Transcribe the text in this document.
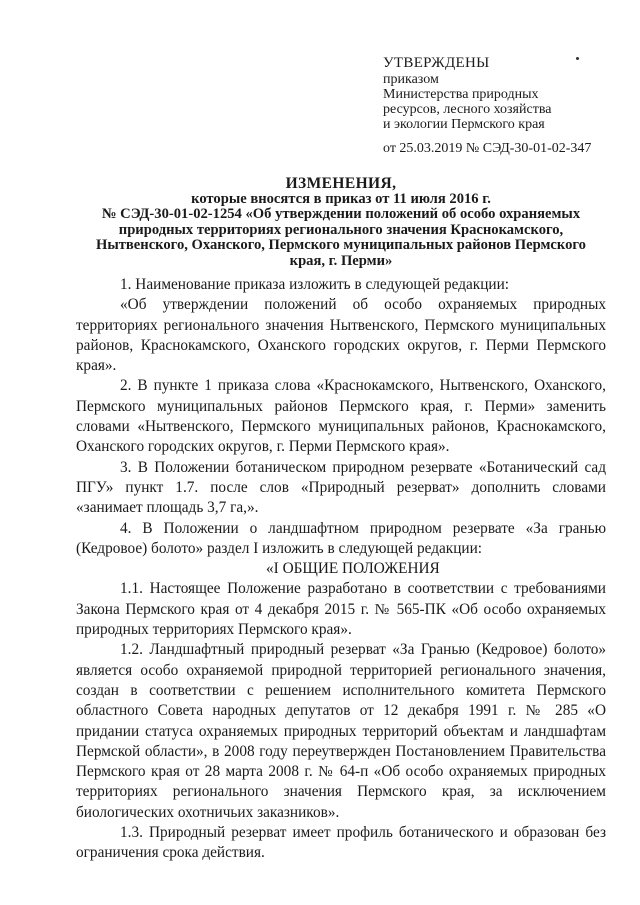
УТВЕРЖДЕНЫ
приказом
Министерства природных
ресурсов, лесного хозяйства
и экологии Пермского края
от 25.03.2019 № СЭД-30-01-02-347
ИЗМЕНЕНИЯ,
которые вносятся в приказ от 11 июля 2016 г.
№ СЭД-30-01-02-1254 «Об утверждении положений об особо охраняемых
природных территориях регионального значения Краснокамского,
Нытвенского, Оханского, Пермского муниципальных районов Пермского
края, г. Перми»

1. Наименование приказа изложить в следующей редакции:

«Об утверждении положений об особо охраняемых природных территориях регионального значения Нытвенского, Пермского муниципальных районов, Краснокамского, Оханского городских округов, г. Перми Пермского края».

2. В пункте 1 приказа слова «Краснокамского, Нытвенского, Оханского, Пермского муниципальных районов Пермского края, г. Перми» заменить словами «Нытвенского, Пермского муниципальных районов, Краснокамского, Оханского городских округов, г. Перми Пермского края».

3. В Положении ботаническом природном резервате «Ботанический сад ПГУ» пункт 1.7. после слов «Природный резерват» дополнить словами «занимает площадь 3,7 га,».

4. В Положении о ландшафтном природном резервате «За гранью (Кедровое) болото» раздел I изложить в следующей редакции:

«I ОБЩИЕ ПОЛОЖЕНИЯ

1.1. Настоящее Положение разработано в соответствии с требованиями Закона Пермского края от 4 декабря 2015 г. № 565-ПК «Об особо охраняемых природных территориях Пермского края».

1.2. Ландшафтный природный резерват «За Гранью (Кедровое) болото» является особо охраняемой природной территорией регионального значения, создан в соответствии с решением исполнительного комитета Пермского областного Совета народных депутатов от 12 декабря 1991 г. № 285 «О придании статуса охраняемых природных территорий объектам и ландшафтам Пермской области», в 2008 году переутвержден Постановлением Правительства Пермского края от 28 марта 2008 г. № 64-п «Об особо охраняемых природных территориях регионального значения Пермского края, за исключением биологических охотничьих заказников».

1.3. Природный резерват имеет профиль ботанического и образован без ограничения срока действия.
